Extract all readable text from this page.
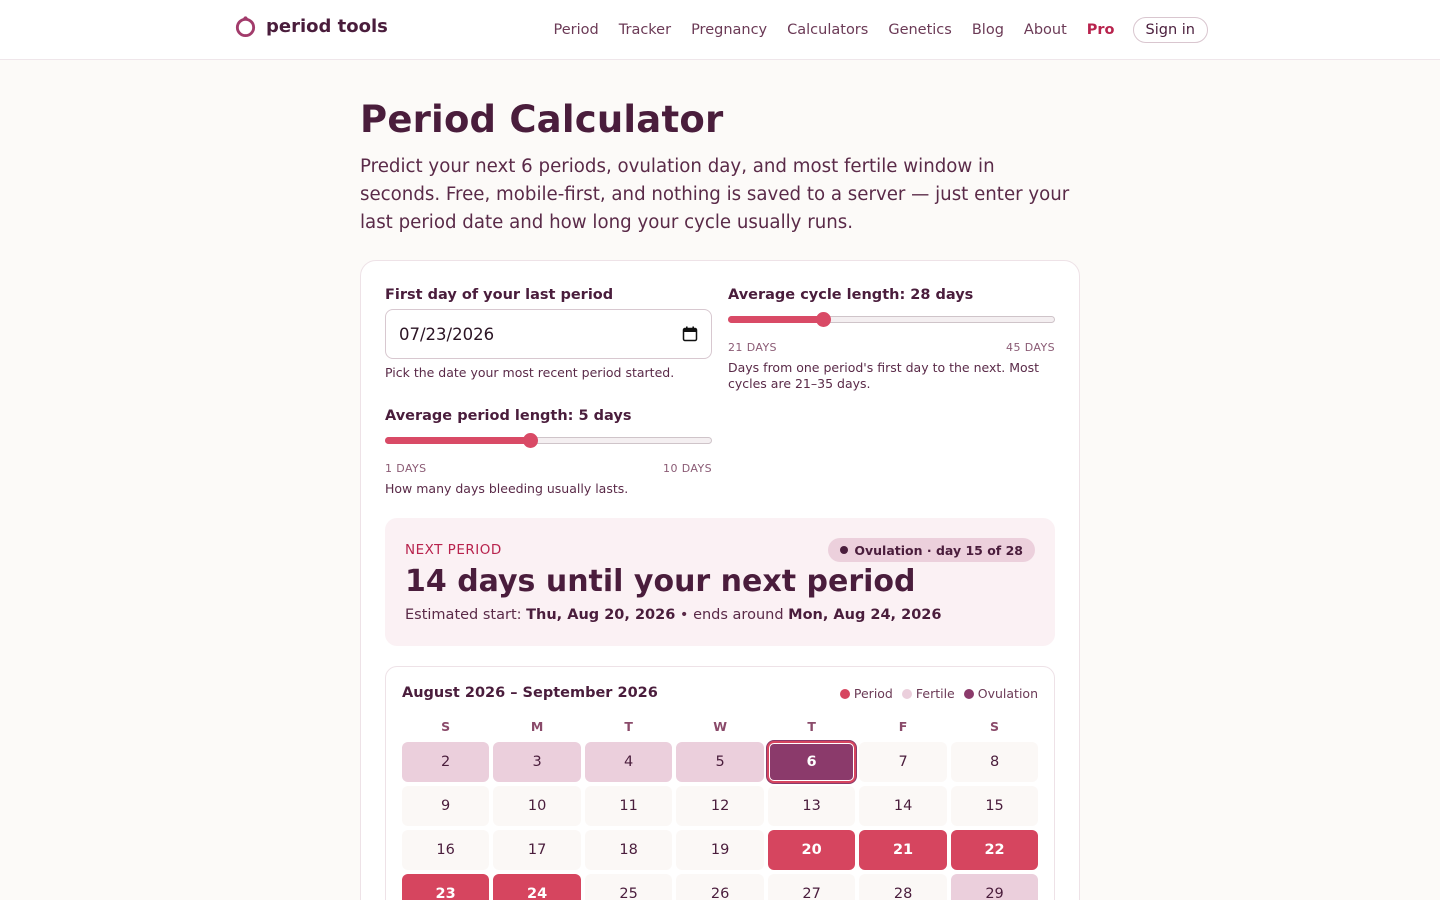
period tools	Period Tracker Pregnancy Calculators Genetics Blog About Pro	Sign in
Period Calculator

Predict your next 6 periods, ovulation day, and most fertile window in seconds. Free, mobile-first, and nothing is saved to a server — just enter your last period date and how long your cycle usually runs.

First day of your last period
07/23/2026
Pick the date your most recent period started.
Average cycle length: 28 days
21 DAYS	45 DAYS
Days from one period's first day to the next. Most cycles are 21–35 days.
Average period length: 5 days
1 DAYS	10 DAYS
How many days bleeding usually lasts.
NEXT PERIOD	Ovulation · day 15 of 28
14 days until your next period
Estimated start: Thu, Aug 20, 2026 • ends around Mon, Aug 24, 2026
August 2026 – September 2026	Period Fertile Ovulation
S	M	T	W	T	F	S
2	3	4	5	6	7	8
9	10	11	12	13	14	15
16	17	18	19	20	21	22
23	24	25	26	27	28	29
